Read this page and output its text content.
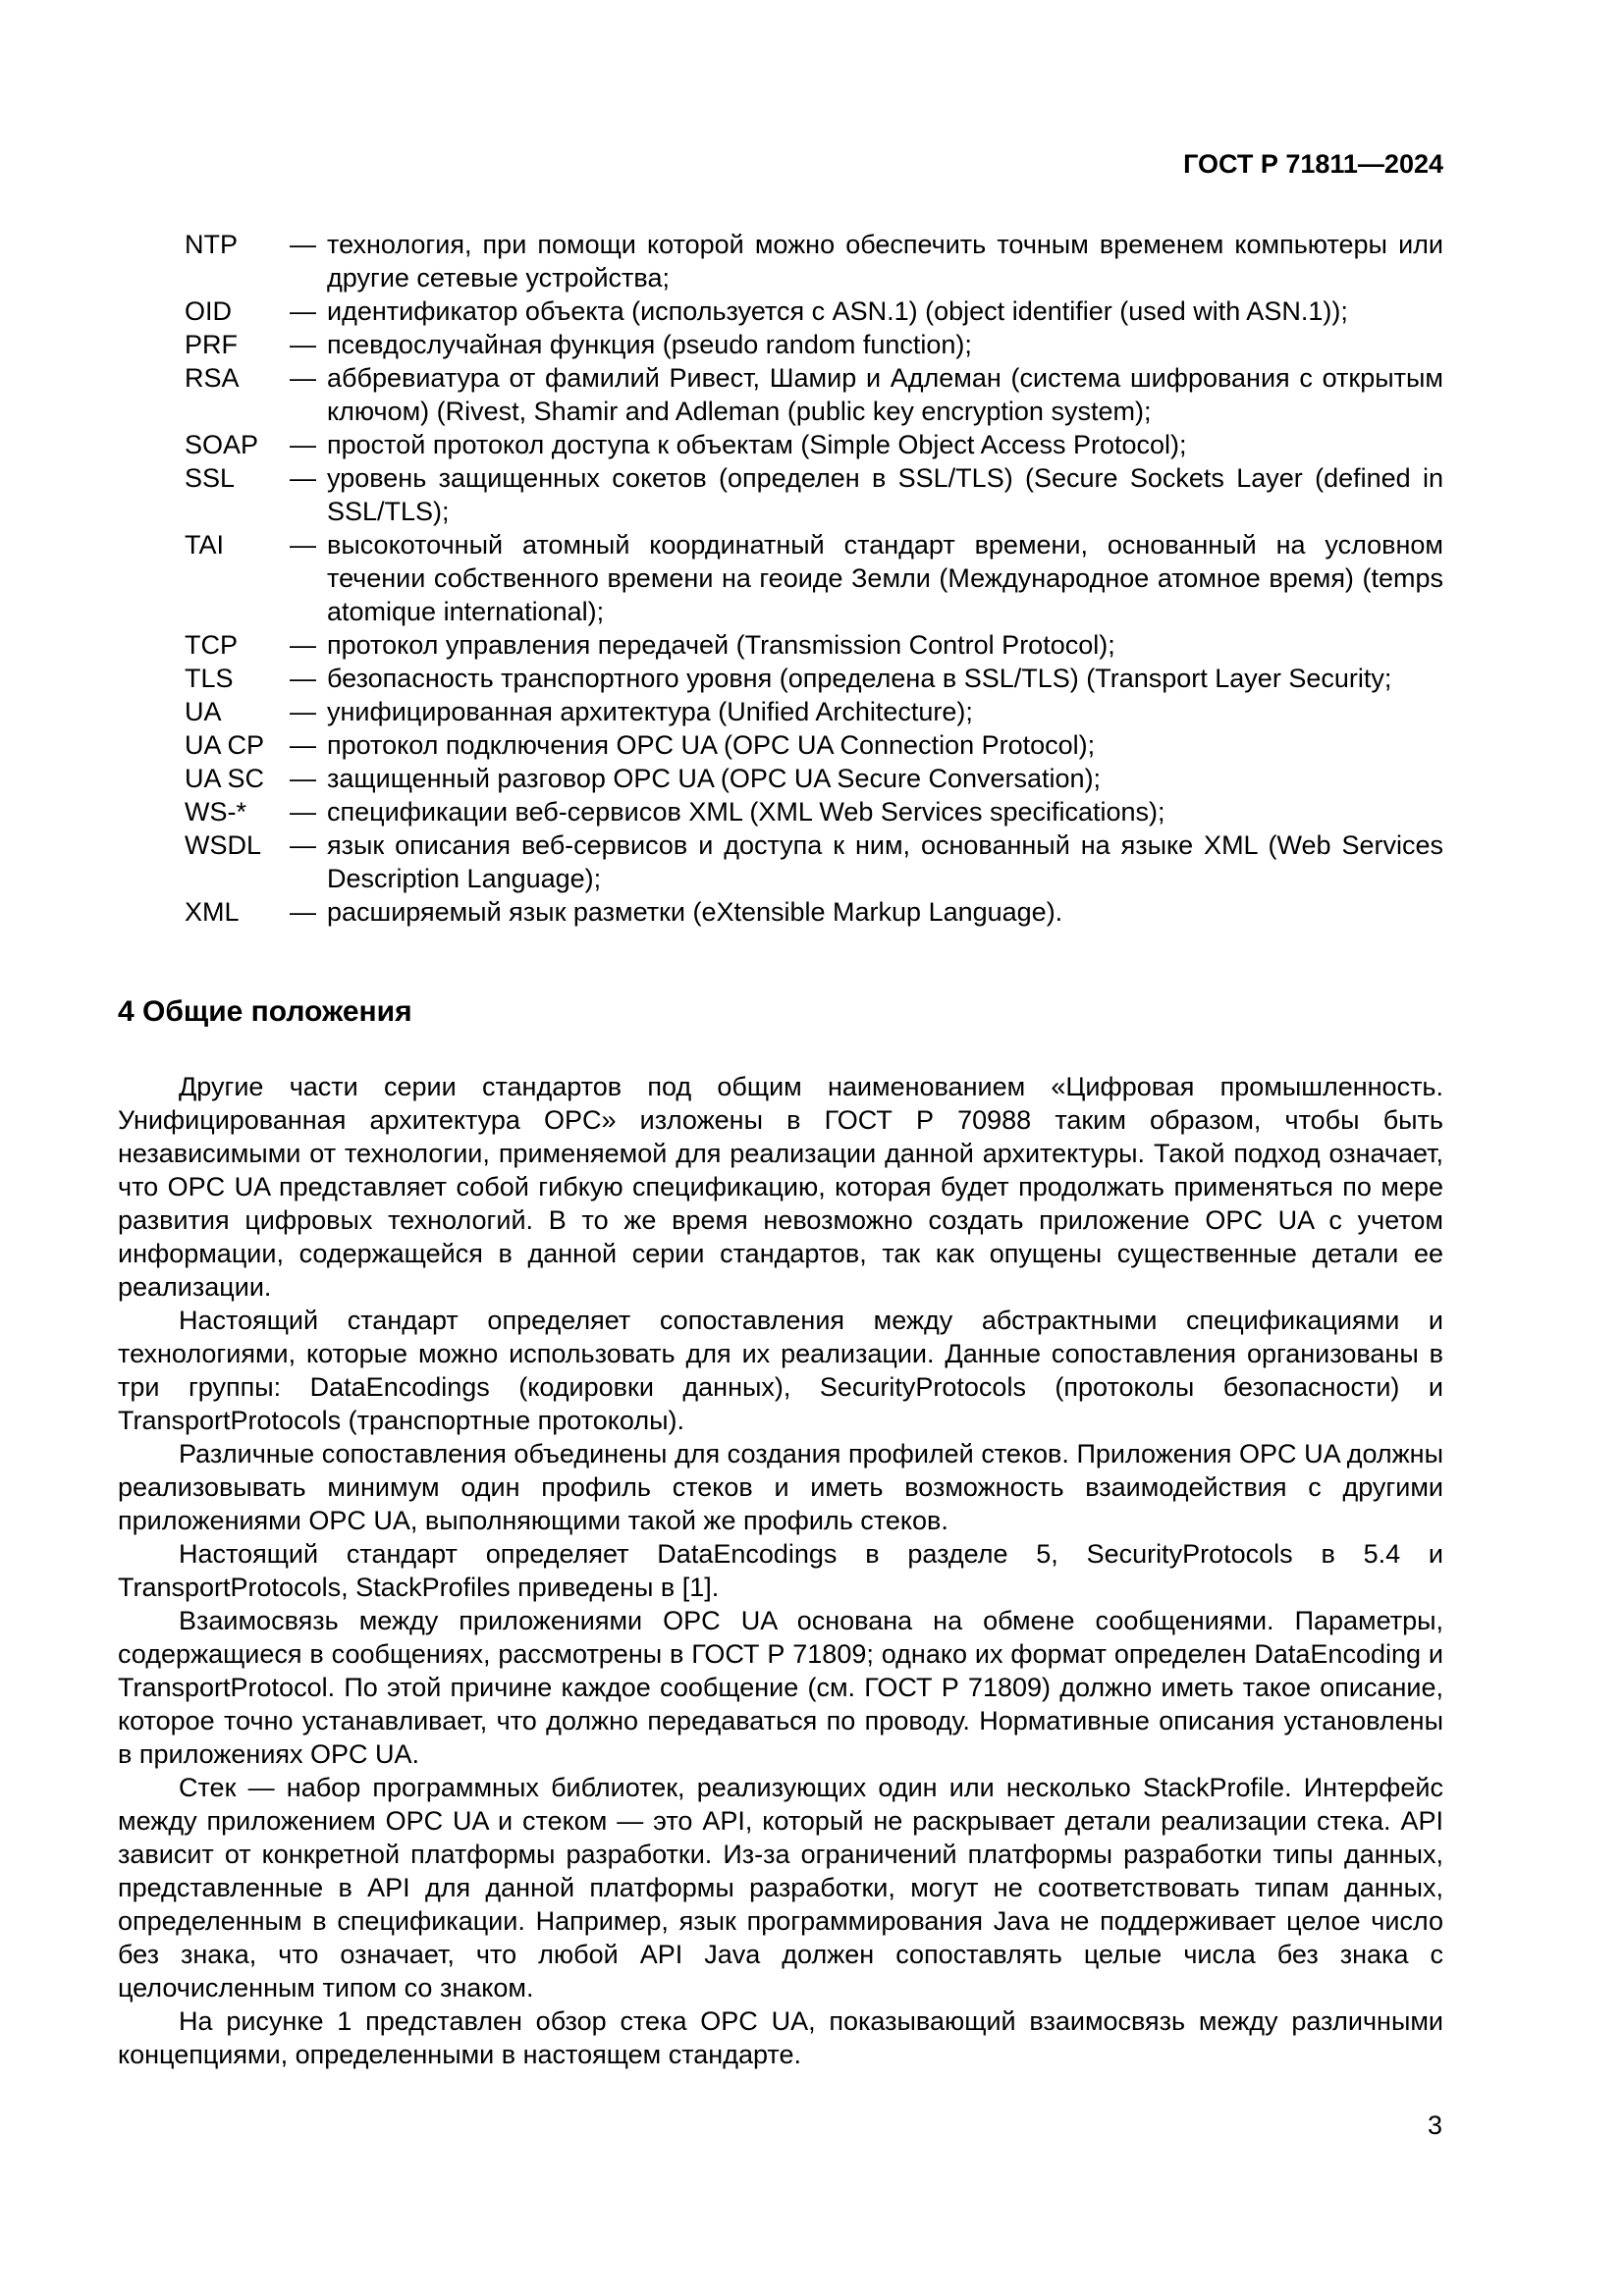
ГОСТ Р 71811—2024
NTP	— технология, при помощи которой можно обеспечить точным временем компьютеры или другие сетевые устройства;
OID	— идентификатор объекта (используется с ASN.1) (object identifier (used with ASN.1));
PRF	— псевдослучайная функция (pseudo random function);
RSA	— аббревиатура от фамилий Ривест, Шамир и Адлеман (система шифрования с открытым ключом) (Rivest, Shamir and Adleman (public key encryption system);
SOAP	— простой протокол доступа к объектам (Simple Object Access Protocol);
SSL	— уровень защищенных сокетов (определен в SSL/TLS) (Secure Sockets Layer (defined in SSL/TLS);
TAI	— высокоточный атомный координатный стандарт времени, основанный на условном течении собственного времени на геоиде Земли (Международное атомное время) (temps atomique international);
TCP	— протокол управления передачей (Transmission Control Protocol);
TLS	— безопасность транспортного уровня (определена в SSL/TLS) (Transport Layer Security;
UA	— унифицированная архитектура (Unified Architecture);
UA CP — протокол подключения OPC UA (OPC UA Connection Protocol);
UA SC — защищенный разговор OPC UA (OPC UA Secure Conversation);
WS-*	— спецификации веб-сервисов XML (XML Web Services specifications);
WSDL	— язык описания веб-сервисов и доступа к ним, основанный на языке XML (Web Services Description Language);
XML	— расширяемый язык разметки (eXtensible Markup Language).
4 Общие положения

Другие части серии стандартов под общим наименованием «Цифровая промышленность. Унифицированная архитектура OPC» изложены в ГОСТ Р 70988 таким образом, чтобы быть независимыми от технологии, применяемой для реализации данной архитектуры. Такой подход означает, что OPC UA представляет собой гибкую спецификацию, которая будет продолжать применяться по мере развития цифровых технологий. В то же время невозможно создать приложение OPC UA с учетом информации, содержащейся в данной серии стандартов, так как опущены существенные детали ее реализации.

Настоящий стандарт определяет сопоставления между абстрактными спецификациями и технологиями, которые можно использовать для их реализации. Данные сопоставления организованы в три группы: DataEncodings (кодировки данных), SecurityProtocols (протоколы безопасности) и TransportProtocols (транспортные протоколы).

Различные сопоставления объединены для создания профилей стеков. Приложения OPC UA должны реализовывать минимум один профиль стеков и иметь возможность взаимодействия с другими приложениями OPC UA, выполняющими такой же профиль стеков.

Настоящий стандарт определяет DataEncodings в разделе 5, SecurityProtocols в 5.4 и TransportProtocols, StackProfiles приведены в [1].

Взаимосвязь между приложениями OPC UA основана на обмене сообщениями. Параметры, содержащиеся в сообщениях, рассмотрены в ГОСТ Р 71809; однако их формат определен DataEncoding и TransportProtocol. По этой причине каждое сообщение (см. ГОСТ Р 71809) должно иметь такое описание, которое точно устанавливает, что должно передаваться по проводу. Нормативные описания установлены в приложениях OPC UA.

Стек — набор программных библиотек, реализующих один или несколько StackProfile. Интерфейс между приложением OPC UA и стеком — это API, который не раскрывает детали реализации стека. API зависит от конкретной платформы разработки. Из-за ограничений платформы разработки типы данных, представленные в API для данной платформы разработки, могут не соответствовать типам данных, определенным в спецификации. Например, язык программирования Java не поддерживает целое число без знака, что означает, что любой API Java должен сопоставлять целые числа без знака с целочисленным типом со знаком.

На рисунке 1 представлен обзор стека OPC UA, показывающий взаимосвязь между различными концепциями, определенными в настоящем стандарте.

3
